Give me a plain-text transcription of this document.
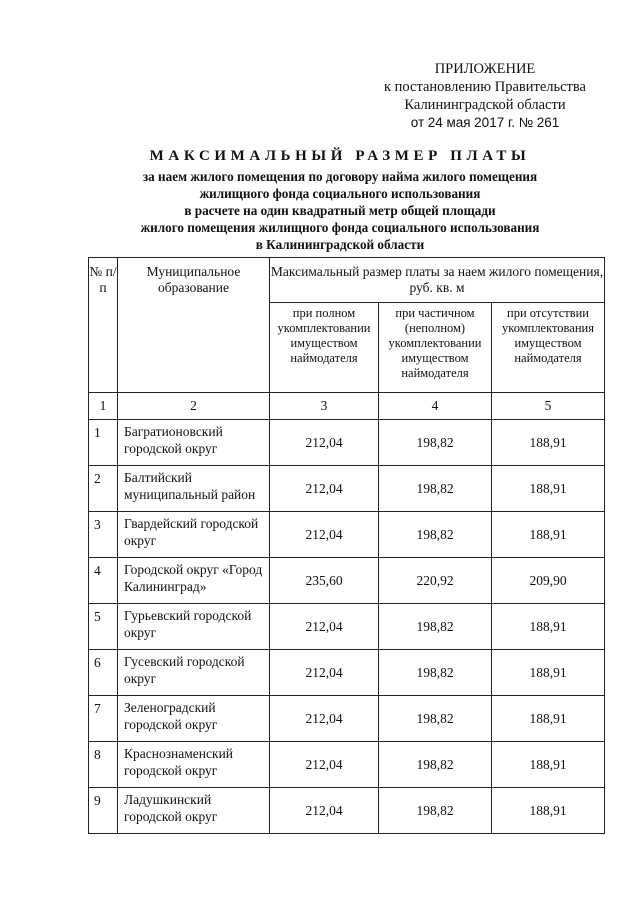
ПРИЛОЖЕНИЕ
к постановлению Правительства
Калининградской области
от 24 мая 2017 г. № 261
МАКСИМАЛЬНЫЙ РАЗМЕР ПЛАТЫ
за наем жилого помещения по договору найма жилого помещения
жилищного фонда социального использования
в расчете на один квадратный метр общей площади
жилого помещения жилищного фонда социального использования
в Калининградской области
№ п/п	Муниципальное образование	Максимальный размер платы за наем жилого помещения, руб. кв. м		
		при полном укомплектовании имуществом наймодателя	при частичном (неполном) укомплектовании имуществом наймодателя	при отсутствии укомплектования имуществом наймодателя
1	2	3	4	5
1	Багратионовский городской округ	212,04	198,82	188,91
2	Балтийский муниципальный район	212,04	198,82	188,91
3	Гвардейский городской округ	212,04	198,82	188,91
4	Городской округ «Город Калининград»	235,60	220,92	209,90
5	Гурьевский городской округ	212,04	198,82	188,91
6	Гусевский городской округ	212,04	198,82	188,91
7	Зеленоградский городской округ	212,04	198,82	188,91
8	Краснознаменский городской округ	212,04	198,82	188,91
9	Ладушкинский городской округ	212,04	198,82	188,91
